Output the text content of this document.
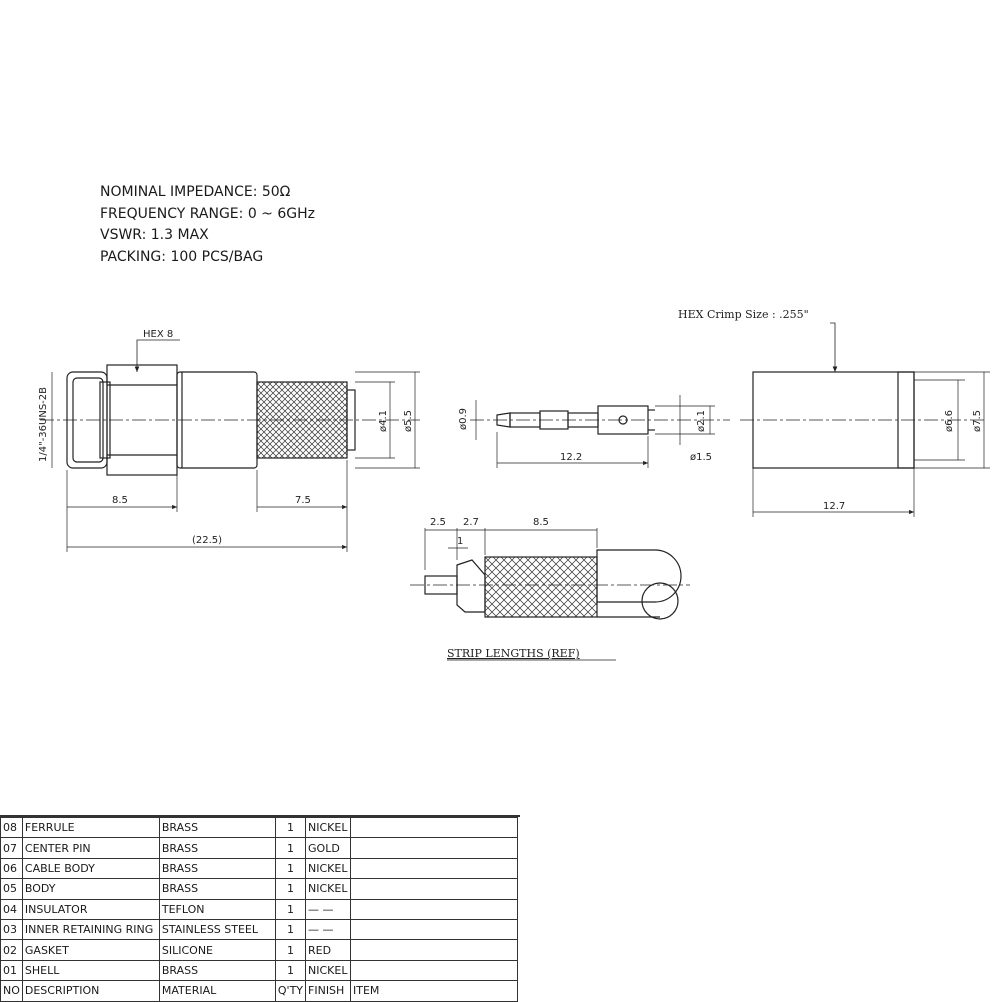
NOMINAL IMPEDANCE: 50Ω
FREQUENCY RANGE: 0 ~ 6GHz
VSWR: 1.3 MAX
PACKING: 100 PCS/BAG
HEX 8
1/4"-36UNS-2B
8.5	7.5
(22.5)
ø4.1 ø5.5	ø0.9	ø2.1
ø1.5
12.2
HEX Crimp Size : .255"
ø6.6 ø7.5
12.7
2.5 2.7	8.5
1
STRIP LENGTHS (REF)
08	FERRULE	BRASS	1	NICKEL	
07	CENTER PIN	BRASS	1	GOLD	
06	CABLE BODY	BRASS	1	NICKEL	
05	BODY	BRASS	1	NICKEL	
04	INSULATOR	TEFLON	1	— —	
03	INNER RETAINING RING	STAINLESS STEEL	1	— —	
02	GASKET	SILICONE	1	RED	
01	SHELL	BRASS	1	NICKEL	
NO	DESCRIPTION	MATERIAL	Q'TY	FINISH	ITEM
